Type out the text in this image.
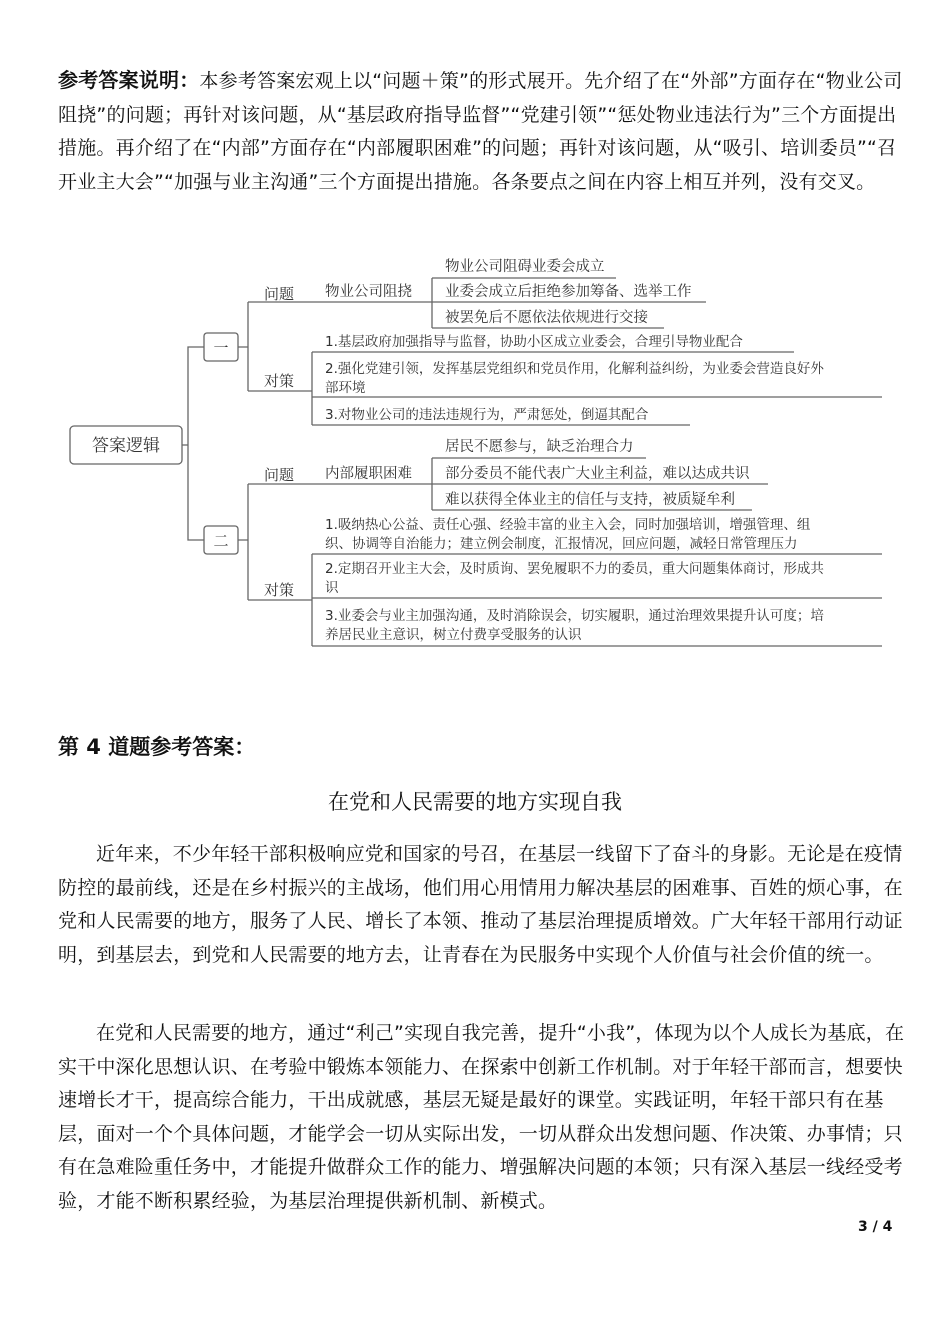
参考答案说明：本参考答案宏观上以“问题＋策”的形式展开。先介绍了在“外部”方面存在“物业公司阻挠”的问题；再针对该问题，从“基层政府指导监督”“党建引领”“惩处物业违法行为”三个方面提出措施。再介绍了在“内部”方面存在“内部履职困难”的问题；再针对该问题，从“吸引、培训委员”“召开业主大会”“加强与业主沟通”三个方面提出措施。各条要点之间在内容上相互并列，没有交叉。
答案逻辑
一
问题
对策
物业公司阻挠
物业公司阻碍业委会成立
业委会成立后拒绝参加筹备、选举工作
被罢免后不愿依法依规进行交接
1.基层政府加强指导与监督，协助小区成立业委会，合理引导物业配合
2.强化党建引领，发挥基层党组织和党员作用，化解利益纠纷，为业委会营造良好外
部环境
3.对物业公司的违法违规行为，严肃惩处，倒逼其配合
二
问题
对策
内部履职困难
居民不愿参与，缺乏治理合力
部分委员不能代表广大业主利益，难以达成共识
难以获得全体业主的信任与支持，被质疑牟利
1.吸纳热心公益、责任心强、经验丰富的业主入会，同时加强培训，增强管理、组
织、协调等自治能力；建立例会制度，汇报情况，回应问题，减轻日常管理压力
2.定期召开业主大会，及时质询、罢免履职不力的委员，重大问题集体商讨，形成共
识
3.业委会与业主加强沟通，及时消除误会，切实履职，通过治理效果提升认可度；培
养居民业主意识，树立付费享受服务的认识
第 4 道题参考答案：
在党和人民需要的地方实现自我
近年来，不少年轻干部积极响应党和国家的号召，在基层一线留下了奋斗的身影。无论是在疫情防控的最前线，还是在乡村振兴的主战场，他们用心用情用力解决基层的困难事、百姓的烦心事，在党和人民需要的地方，服务了人民、增长了本领、推动了基层治理提质增效。广大年轻干部用行动证明，到基层去，到党和人民需要的地方去，让青春在为民服务中实现个人价值与社会价值的统一。
在党和人民需要的地方，通过“利己”实现自我完善，提升“小我”，体现为以个人成长为基底，在实干中深化思想认识、在考验中锻炼本领能力、在探索中创新工作机制。对于年轻干部而言，想要快速增长才干，提高综合能力，干出成就感，基层无疑是最好的课堂。实践证明，年轻干部只有在基层，面对一个个具体问题，才能学会一切从实际出发，一切从群众出发想问题、作决策、办事情；只有在急难险重任务中，才能提升做群众工作的能力、增强解决问题的本领；只有深入基层一线经受考验，才能不断积累经验，为基层治理提供新机制、新模式。
3 / 4
